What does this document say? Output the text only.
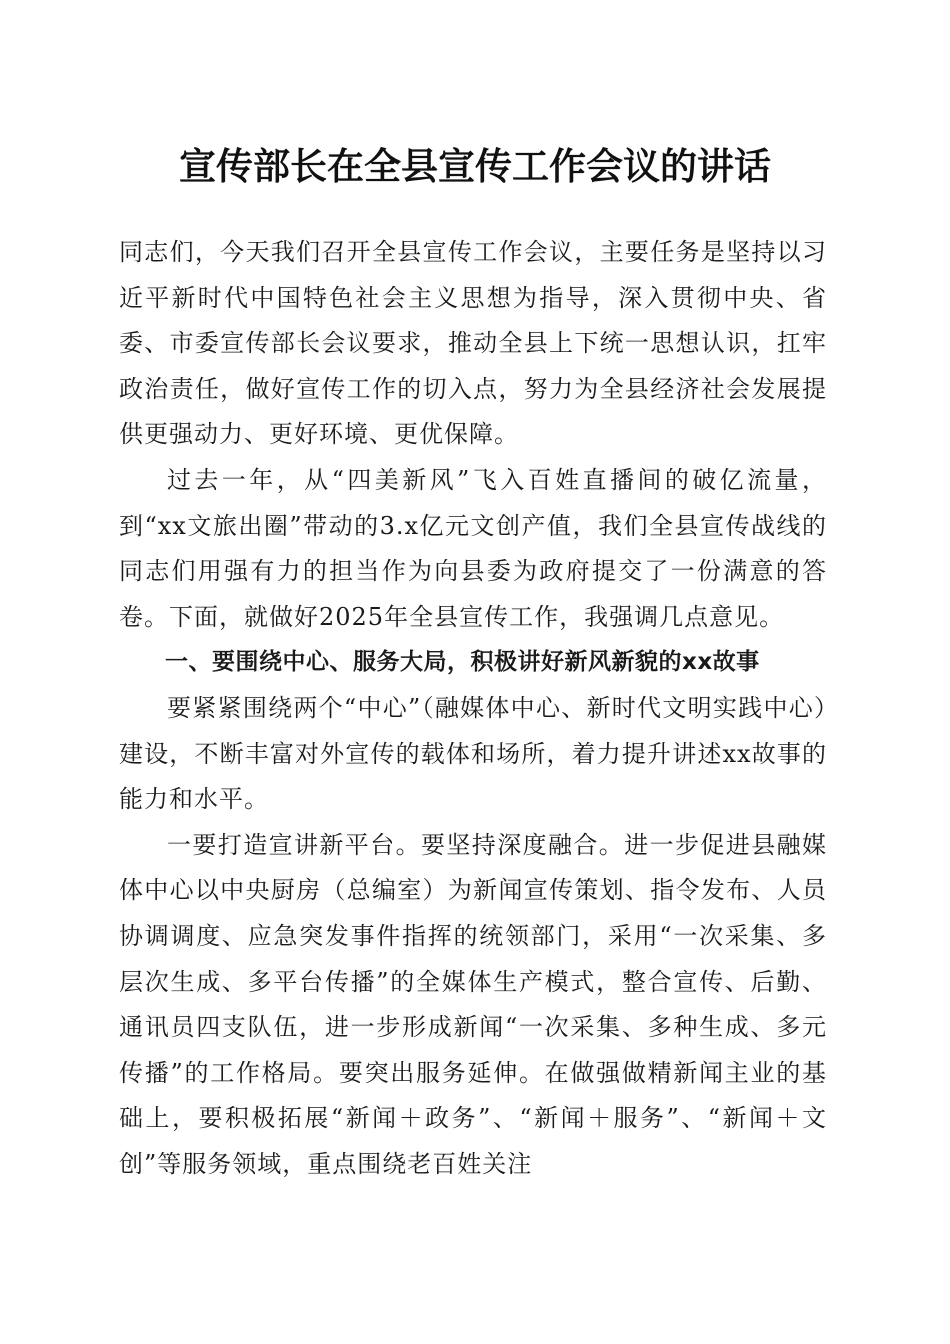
宣传部长在全县宣传工作会议的讲话

同志们，今天我们召开全县宣传工作会议，主要任务是坚持以习近平新时代中国特色社会主义思想为指导，深入贯彻中央、省委、市委宣传部长会议要求，推动全县上下统一思想认识，扛牢政治责任，做好宣传工作的切入点，努力为全县经济社会发展提供更强动力、更好环境、更优保障。

过去一年，从“四美新风”飞入百姓直播间的破亿流量，到“xx文旅出圈”带动的3.x亿元文创产值，我们全县宣传战线的同志们用强有力的担当作为向县委为政府提交了一份满意的答卷。下面，就做好2025年全县宣传工作，我强调几点意见。

一、要围绕中心、服务大局，积极讲好新风新貌的xx故事

要紧紧围绕两个“中心”（融媒体中心、新时代文明实践中心）建设，不断丰富对外宣传的载体和场所，着力提升讲述xx故事的能力和水平。

一要打造宣讲新平台。要坚持深度融合。进一步促进县融媒体中心以中央厨房（总编室）为新闻宣传策划、指令发布、人员协调调度、应急突发事件指挥的统领部门，采用“一次采集、多层次生成、多平台传播”的全媒体生产模式，整合宣传、后勤、通讯员四支队伍，进一步形成新闻“一次采集、多种生成、多元传播”的工作格局。要突出服务延伸。在做强做精新闻主业的基础上，要积极拓展“新闻＋政务”、“新闻＋服务”、“新闻＋文创”等服务领域，重点围绕老百姓关注
